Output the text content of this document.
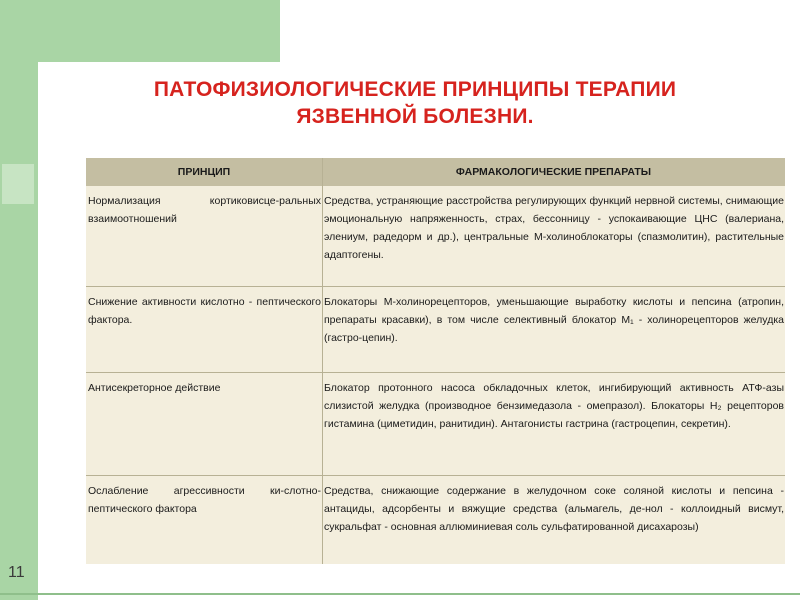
11
ПАТОФИЗИОЛОГИЧЕСКИЕ ПРИНЦИПЫ ТЕРАПИИ
ЯЗВЕННОЙ БОЛЕЗНИ.
ПРИНЦИП	ФАРМАКОЛОГИЧЕСКИЕ ПРЕПАРАТЫ
Нормализация кортиковисце-ральных взаимоотношений
Средства, устраняющие расстройства регулирующих функций нервной системы, снимающие эмоциональную напряженность, страх, бессонницу - успокаивающие ЦНС (валериана, элениум, радедорм и др.), центральные М-холиноблокаторы (спазмолитин), растительные адаптогены.
Снижение активности кислотно - пептического фактора.
Блокаторы М-холинорецепторов, уменьшающие выработку кислоты и пепсина (атропин, препараты красавки), в том числе селективный блокатор М₁ - холинорецепторов желудка (гастро-цепин).
Антисекреторное действие	Блокатор протонного насоса обкладочных клеток, ингибирующий активность АТФ-азы слизистой желудка (производное бензимедазола - омепразол). Блокаторы Н₂ рецепторов гистамина (циметидин, ранитидин). Антагонисты гастрина (гастроцепин, секретин).
Ослабление агрессивности ки-слотно-пептического фактора
Средства, снижающие содержание в желудочном соке соляной кислоты и пепсина - антациды, адсорбенты и вяжущие средства (альмагель, де-нол - коллоидный висмут, сукральфат - основная аллюминиевая соль сульфатированной дисахарозы)
